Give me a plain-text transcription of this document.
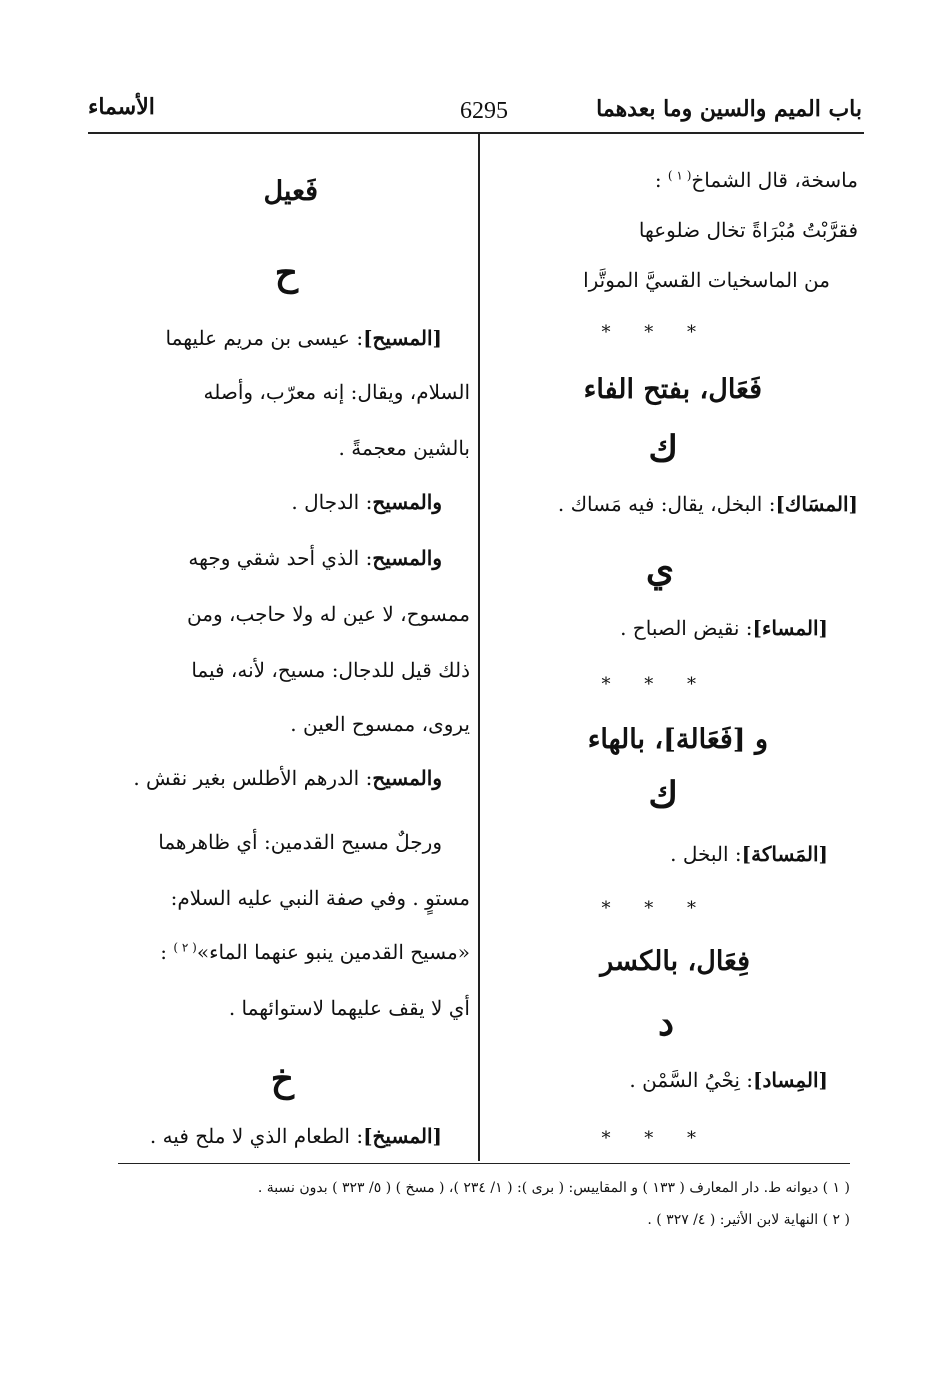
باب الميم والسين وما بعدهما
6295
الأسماء
ماسخة، قال الشماخ$^{( ١ )}$ :
فقرَّبْتُ مُبْرَاةً تخال ضلوعها
من الماسخيات القسيَّ الموتَّرا
* * *
فَعَال، بفتح الفاء
ك
[المسَاك]: البخل، يقال: فيه مَساك .
ي
[المساء]: نقيض الصباح .
* * *
و [فَعَالة]، بالهاء
ك
[المَساكة]: البخل .
* * *
فِعَال، بالكسر
د
[المِساد]: نِحْيُ السَّمْن .
* * *
فَعيل
ح
[المسيح]: عيسى بن مريم عليهما
السلام، ويقال: إنه معرّب، وأصله
بالشين معجمةً .
والمسيح: الدجال .
والمسيح: الذي أحد شقي وجهه
ممسوح، لا عين له ولا حاجب، ومن
ذلك قيل للدجال: مسيح، لأنه، فيما
يروى، ممسوح العين .
والمسيح: الدرهم الأطلس بغير نقش .
ورجلٌ مسيح القدمين: أي ظاهرهما
مستوٍ . وفي صفة النبي عليه السلام:
«مسيح القدمين ينبو عنهما الماء»$^{( ٢ )}$ :
أي لا يقف عليهما لاستوائهما .
خ
[المسيخ]: الطعام الذي لا ملح فيه .
( ١ ) ديوانه ط. دار المعارف ( ١٣٣ ) و المقاييس: ( برى ): ( ١/ ٢٣٤ )، ( مسخ ) ( ٥/ ٣٢٣ ) بدون نسبة .
( ٢ ) النهاية لابن الأثير: ( ٤/ ٣٢٧ ) .
